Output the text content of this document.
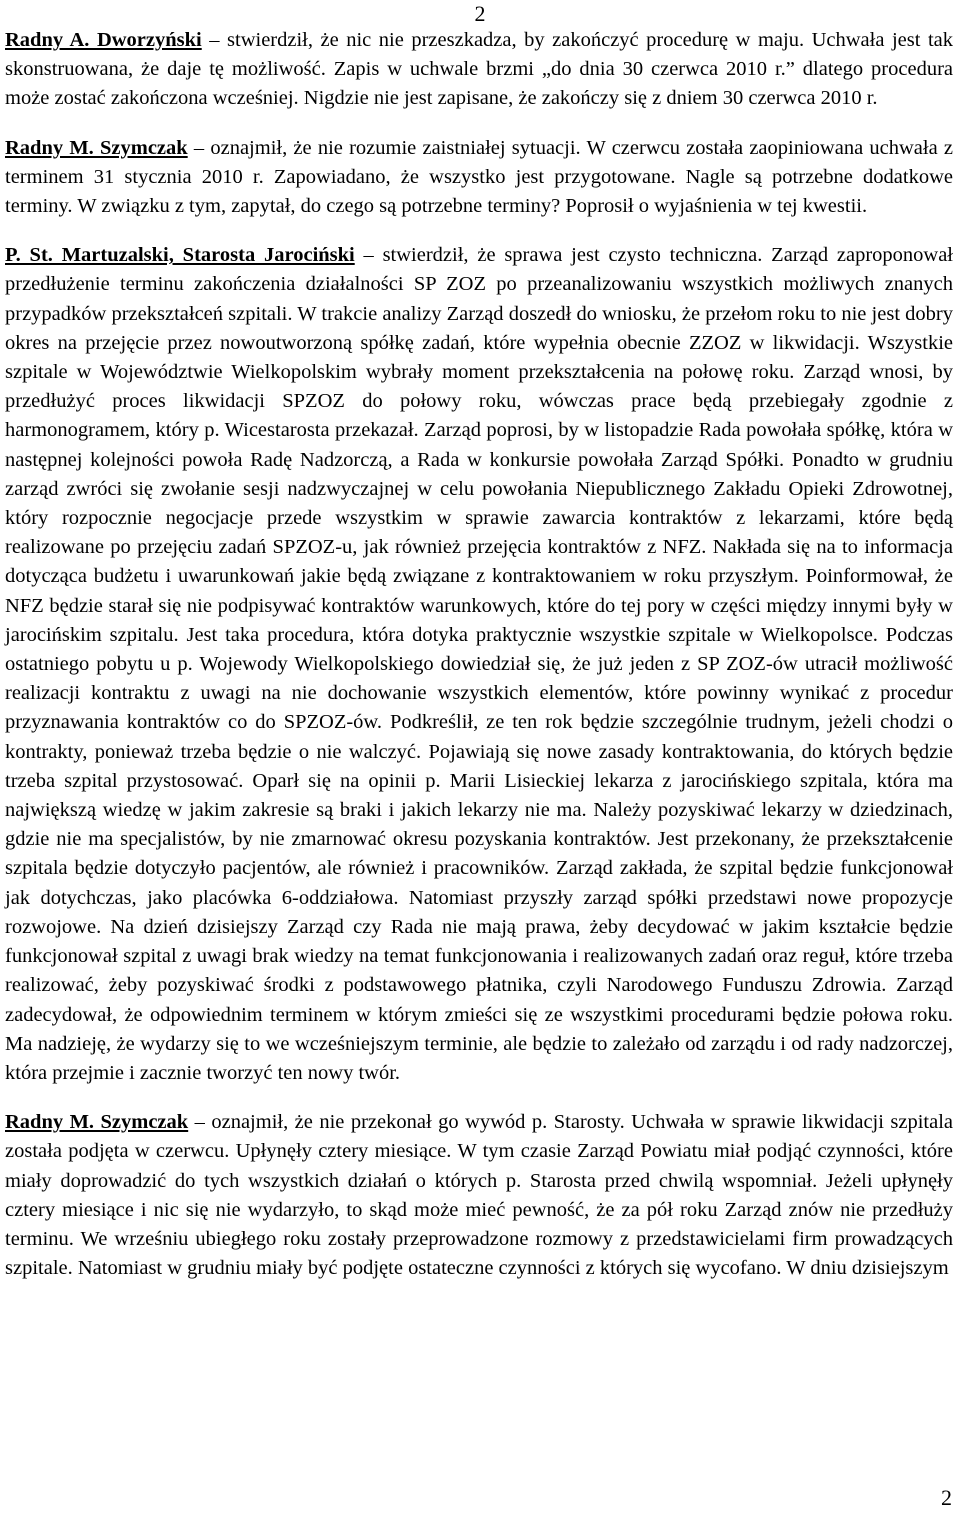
2

Radny A. Dworzyński – stwierdził, że nic nie przeszkadza, by zakończyć procedurę w maju. Uchwała jest tak skonstruowana, że daje tę możliwość. Zapis w uchwale brzmi „do dnia 30 czerwca 2010 r.” dlatego procedura może zostać zakończona wcześniej. Nigdzie nie jest zapisane, że zakończy się z dniem 30 czerwca 2010 r.

Radny M. Szymczak – oznajmił, że nie rozumie zaistniałej sytuacji. W czerwcu została zaopiniowana uchwała z terminem 31 stycznia 2010 r. Zapowiadano, że wszystko jest przygotowane. Nagle są potrzebne dodatkowe terminy. W związku z tym, zapytał, do czego są potrzebne terminy? Poprosił o wyjaśnienia w tej kwestii.

P. St. Martuzalski, Starosta Jarociński – stwierdził, że sprawa jest czysto techniczna. Zarząd zaproponował przedłużenie terminu zakończenia działalności SP ZOZ po przeanalizowaniu wszystkich możliwych znanych przypadków przekształceń szpitali. W trakcie analizy Zarząd doszedł do wniosku, że przełom roku to nie jest dobry okres na przejęcie przez nowoutworzoną spółkę zadań, które wypełnia obecnie ZZOZ w likwidacji. Wszystkie szpitale w Województwie Wielkopolskim wybrały moment przekształcenia na połowę roku. Zarząd wnosi, by przedłużyć proces likwidacji SPZOZ do połowy roku, wówczas prace będą przebiegały zgodnie z harmonogramem, który p. Wicestarosta przekazał. Zarząd poprosi, by w listopadzie Rada powołała spółkę, która w następnej kolejności powoła Radę Nadzorczą, a Rada w konkursie powołała Zarząd Spółki. Ponadto w grudniu zarząd zwróci się zwołanie sesji nadzwyczajnej w celu powołania Niepublicznego Zakładu Opieki Zdrowotnej, który rozpocznie negocjacje przede wszystkim w sprawie zawarcia kontraktów z lekarzami, które będą realizowane po przejęciu zadań SPZOZ-u, jak również przejęcia kontraktów z NFZ. Nakłada się na to informacja dotycząca budżetu i uwarunkowań jakie będą związane z kontraktowaniem w roku przyszłym. Poinformował, że NFZ będzie starał się nie podpisywać kontraktów warunkowych, które do tej pory w części między innymi były w jarocińskim szpitalu. Jest taka procedura, która dotyka praktycznie wszystkie szpitale w Wielkopolsce. Podczas ostatniego pobytu u p. Wojewody Wielkopolskiego dowiedział się, że już jeden z SP ZOZ-ów utracił możliwość realizacji kontraktu z uwagi na nie dochowanie wszystkich elementów, które powinny wynikać z procedur przyznawania kontraktów co do SPZOZ-ów. Podkreślił, ze ten rok będzie szczególnie trudnym, jeżeli chodzi o kontrakty, ponieważ trzeba będzie o nie walczyć. Pojawiają się nowe zasady kontraktowania, do których będzie trzeba szpital przystosować. Oparł się na opinii p. Marii Lisieckiej lekarza z jarocińskiego szpitala, która ma największą wiedzę w jakim zakresie są braki i jakich lekarzy nie ma. Należy pozyskiwać lekarzy w dziedzinach, gdzie nie ma specjalistów, by nie zmarnować okresu pozyskania kontraktów. Jest przekonany, że przekształcenie szpitala będzie dotyczyło pacjentów, ale również i pracowników. Zarząd zakłada, że szpital będzie funkcjonował jak dotychczas, jako placówka 6-oddziałowa. Natomiast przyszły zarząd spółki przedstawi nowe propozycje rozwojowe. Na dzień dzisiejszy Zarząd czy Rada nie mają prawa, żeby decydować w jakim kształcie będzie funkcjonował szpital z uwagi brak wiedzy na temat funkcjonowania i realizowanych zadań oraz reguł, które trzeba realizować, żeby pozyskiwać środki z podstawowego płatnika, czyli Narodowego Funduszu Zdrowia. Zarząd zadecydował, że odpowiednim terminem w którym zmieści się ze wszystkimi procedurami będzie połowa roku. Ma nadzieję, że wydarzy się to we wcześniejszym terminie, ale będzie to zależało od zarządu i od rady nadzorczej, która przejmie i zacznie tworzyć ten nowy twór.

Radny M. Szymczak – oznajmił, że nie przekonał go wywód p. Starosty. Uchwała w sprawie likwidacji szpitala została podjęta w czerwcu. Upłynęły cztery miesiące. W tym czasie Zarząd Powiatu miał podjąć czynności, które miały doprowadzić do tych wszystkich działań o których p. Starosta przed chwilą wspomniał. Jeżeli upłynęły cztery miesiące i nic się nie wydarzyło, to skąd może mieć pewność, że za pół roku Zarząd znów nie przedłuży terminu. We wrześniu ubiegłego roku zostały przeprowadzone rozmowy z przedstawicielami firm prowadzących szpitale. Natomiast w grudniu miały być podjęte ostateczne czynności z których się wycofano. W dniu dzisiejszym

2
